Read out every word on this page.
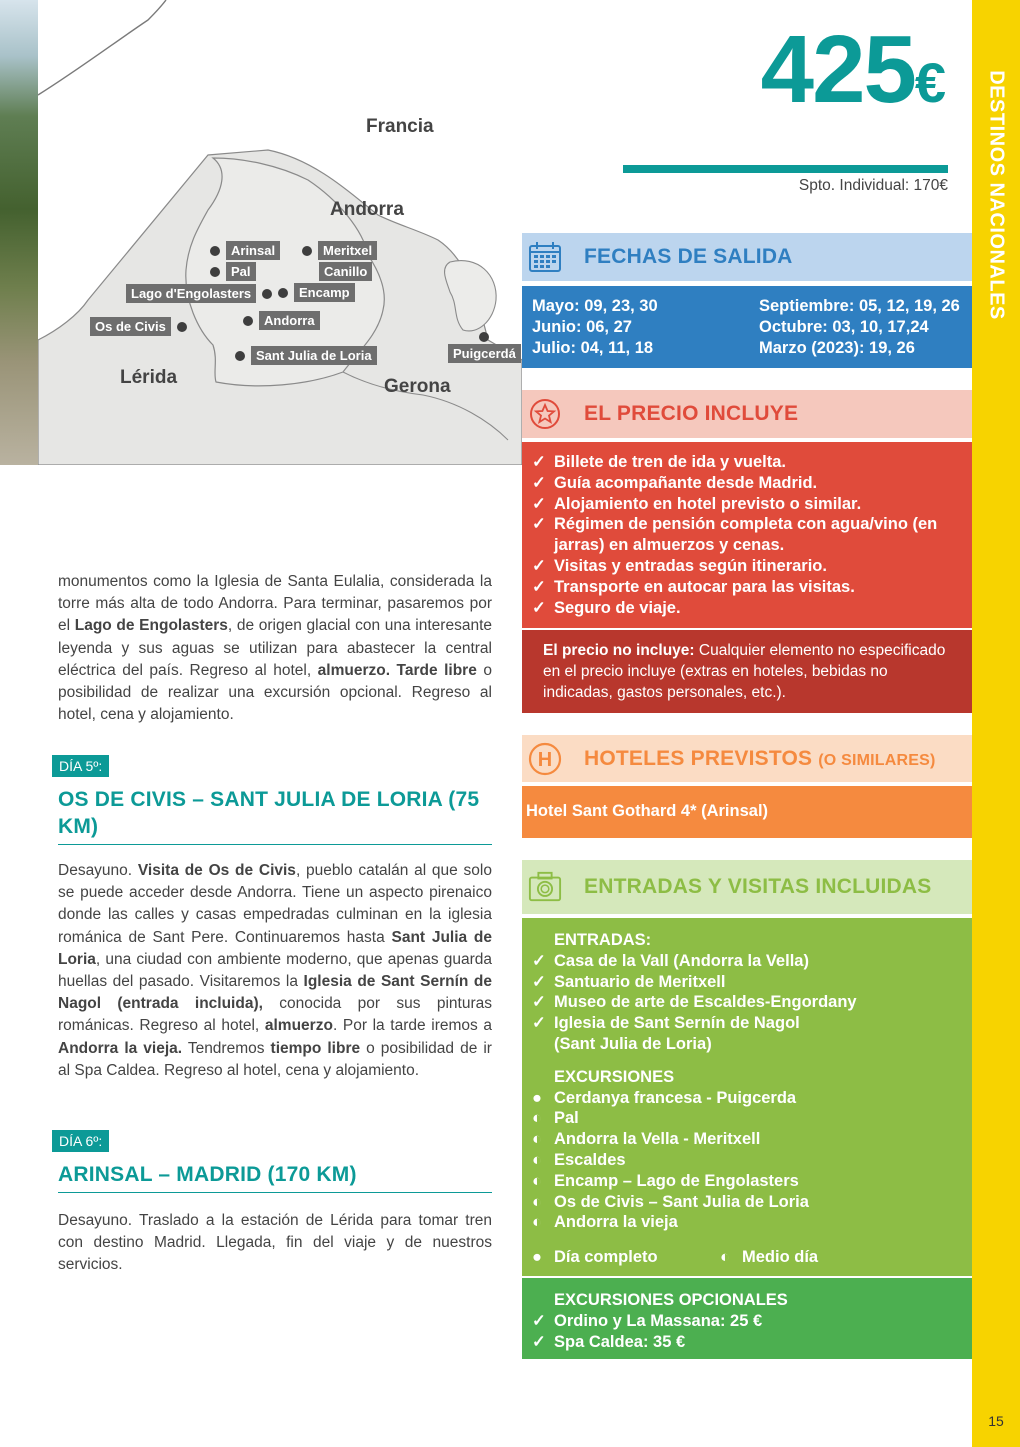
Francia
Andorra
Lérida	Gerona
Arinsal	Meritxel
Pal	Canillo
Lago d'Engolasters	Encamp
Andorra
Os de Civis
Sant Julia de Loria	Puigcerdá

monumentos como la Iglesia de Santa Eulalia, considerada la torre más alta de todo Andorra. Para terminar, pasaremos por el Lago de Engolasters, de origen glacial con una interesante leyenda y sus aguas se utilizan para abastecer la central eléctrica del país. Regreso al hotel, almuerzo. Tarde libre o posibilidad de realizar una excursión opcional. Regreso al hotel, cena y alojamiento.

DÍA 5º:
OS DE CIVIS – SANT JULIA DE LORIA (75 KM)

Desayuno. Visita de Os de Civis, pueblo catalán al que solo se puede acceder desde Andorra. Tiene un aspecto pirenaico donde las calles y casas empedradas culminan en la iglesia románica de Sant Pere. Continuaremos hasta Sant Julia de Loria, una ciudad con ambiente moderno, que apenas guarda huellas del pasado. Visitaremos la Iglesia de Sant Sernín de Nagol (entrada incluida), conocida por sus pinturas románicas. Regreso al hotel, almuerzo. Por la tarde iremos a Andorra la vieja. Tendremos tiempo libre o posibilidad de ir al Spa Caldea. Regreso al hotel, cena y alojamiento.

DÍA 6º:
ARINSAL – MADRID (170 KM)

Desayuno. Traslado a la estación de Lérida para tomar tren con destino Madrid. Llegada, fin del viaje y de nuestros servicios.

425€
Spto. Individual: 170€
FECHAS DE SALIDA
Mayo: 09, 23, 30
Junio: 06, 27
Julio: 04, 11, 18
Septiembre: 05, 12, 19, 26
Octubre: 03, 10, 17,24
Marzo (2023): 19, 26
EL PRECIO INCLUYE
✓ Billete de tren de ida y vuelta.
✓ Guía acompañante desde Madrid.
✓ Alojamiento en hotel previsto o similar.
✓ Régimen de pensión completa con agua/vino (en jarras) en almuerzos y cenas.
✓ Visitas y entradas según itinerario.
✓ Transporte en autocar para las visitas.
✓ Seguro de viaje.
El precio no incluye: Cualquier elemento no especificado en el precio incluye (extras en hoteles, bebidas no indicadas, gastos personales, etc.).
H HOTELES PREVISTOS (O SIMILARES)
Hotel Sant Gothard 4* (Arinsal)
ENTRADAS Y VISITAS INCLUIDAS
ENTRADAS:
✓ Casa de la Vall (Andorra la Vella)
✓ Santuario de Meritxell
✓ Museo de arte de Escaldes-Engordany
✓ Iglesia de Sant Sernín de Nagol (Sant Julia de Loria)
EXCURSIONES
● Cerdanya francesa - Puigcerda
◐ Pal
◐ Andorra la Vella - Meritxell
◐ Escaldes
◐ Encamp – Lago de Engolasters
◐ Os de Civis – Sant Julia de Loria
◐ Andorra la vieja
● Día completo	◐ Medio día
EXCURSIONES OPCIONALES
✓ Ordino y La Massana: 25 €
✓ Spa Caldea: 35 €
DESTINOS NACIONALES
15
